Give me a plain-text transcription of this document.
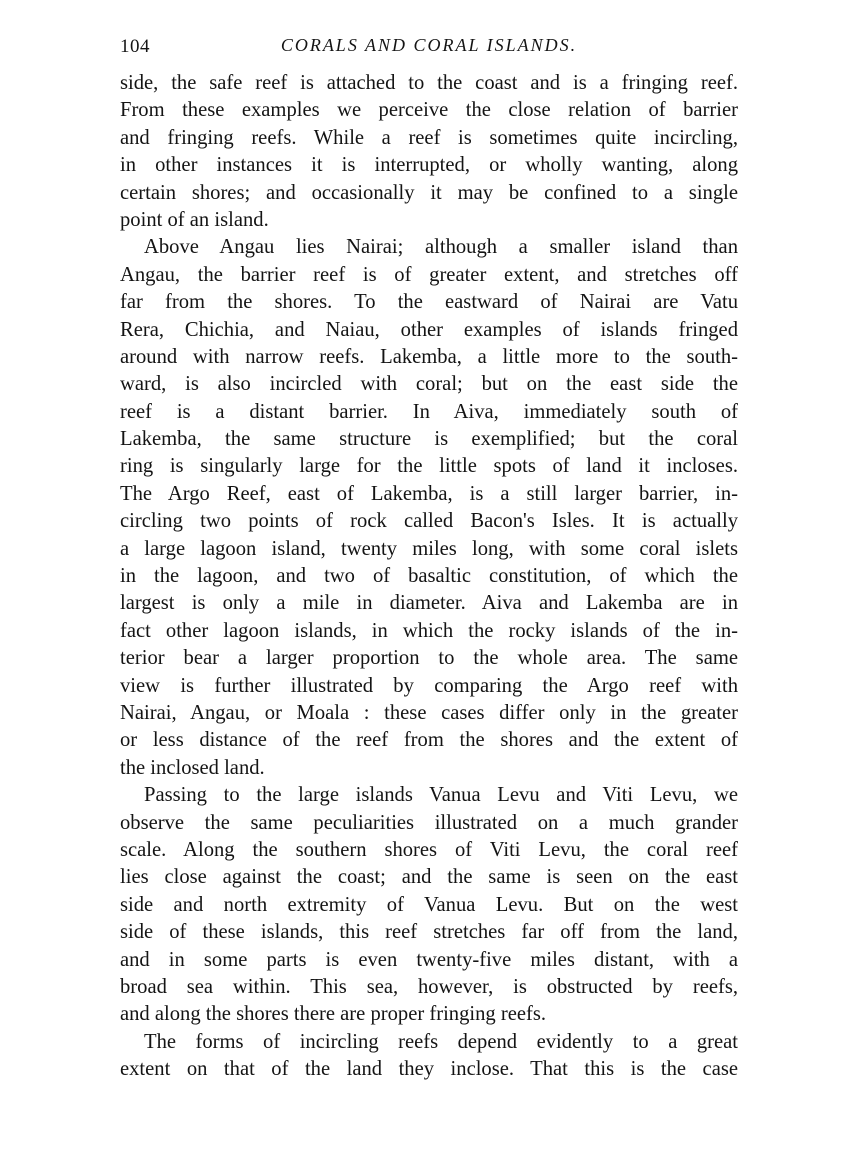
104	CORALS AND CORAL ISLANDS.
side, the safe reef is attached to the coast and is a fringing reef.
From these examples we perceive the close relation of barrier
and fringing reefs. While a reef is sometimes quite incircling,
in other instances it is interrupted, or wholly wanting, along
certain shores; and occasionally it may be confined to a single
point of an island.
Above Angau lies Nairai; although a smaller island than
Angau, the barrier reef is of greater extent, and stretches off
far from the shores. To the eastward of Nairai are Vatu
Rera, Chichia, and Naiau, other examples of islands fringed
around with narrow reefs. Lakemba, a little more to the south-
ward, is also incircled with coral; but on the east side the
reef is a distant barrier. In Aiva, immediately south of
Lakemba, the same structure is exemplified; but the coral
ring is singularly large for the little spots of land it incloses.
The Argo Reef, east of Lakemba, is a still larger barrier, in-
circling two points of rock called Bacon's Isles. It is actually
a large lagoon island, twenty miles long, with some coral islets
in the lagoon, and two of basaltic constitution, of which the
largest is only a mile in diameter. Aiva and Lakemba are in
fact other lagoon islands, in which the rocky islands of the in-
terior bear a larger proportion to the whole area. The same
view is further illustrated by comparing the Argo reef with
Nairai, Angau, or Moala : these cases differ only in the greater
or less distance of the reef from the shores and the extent of
the inclosed land.
Passing to the large islands Vanua Levu and Viti Levu, we
observe the same peculiarities illustrated on a much grander
scale. Along the southern shores of Viti Levu, the coral reef
lies close against the coast; and the same is seen on the east
side and north extremity of Vanua Levu. But on the west
side of these islands, this reef stretches far off from the land,
and in some parts is even twenty-five miles distant, with a
broad sea within. This sea, however, is obstructed by reefs,
and along the shores there are proper fringing reefs.
The forms of incircling reefs depend evidently to a great
extent on that of the land they inclose. That this is the case
